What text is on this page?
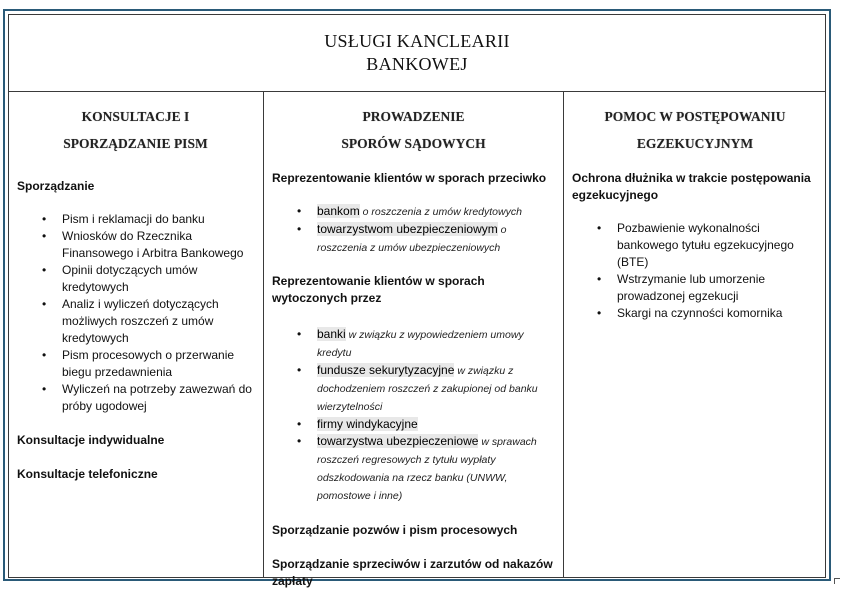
USŁUGI KANCLEARII
BANKOWEJ
KONSULTACJE I
SPORZĄDZANIE PISM
Sporządzanie
• Pism i reklamacji do banku
• Wniosków do Rzecznika Finansowego i Arbitra Bankowego
• Opinii dotyczących umów kredytowych
• Analiz i wyliczeń dotyczących możliwych roszczeń z umów kredytowych
• Pism procesowych o przerwanie biegu przedawnienia
• Wyliczeń na potrzeby zawezwań do próby ugodowej
Konsultacje indywidualne
Konsultacje telefoniczne
PROWADZENIE
SPORÓW SĄDOWYCH
Reprezentowanie klientów w sporach przeciwko
• bankom o roszczenia z umów kredytowych
• towarzystwom ubezpieczeniowym o roszczenia z umów ubezpieczeniowych
Reprezentowanie klientów w sporach wytoczonych przez
• banki w związku z wypowiedzeniem umowy kredytu
• fundusze sekurytyzacyjne w związku z dochodzeniem roszczeń z zakupionej od banku wierzytelności
• firmy windykacyjne
• towarzystwa ubezpieczeniowe w sprawach roszczeń regresowych z tytułu wypłaty odszkodowania na rzecz banku (UNWW, pomostowe i inne)
Sporządzanie pozwów i pism procesowych
Sporządzanie sprzeciwów i zarzutów od nakazów zapłaty
POMOC W POSTĘPOWANIU
EGZEKUCYJNYM
Ochrona dłużnika w trakcie postępowania egzekucyjnego
• Pozbawienie wykonalności bankowego tytułu egzekucyjnego (BTE)
• Wstrzymanie lub umorzenie prowadzonej egzekucji
• Skargi na czynności komornika
